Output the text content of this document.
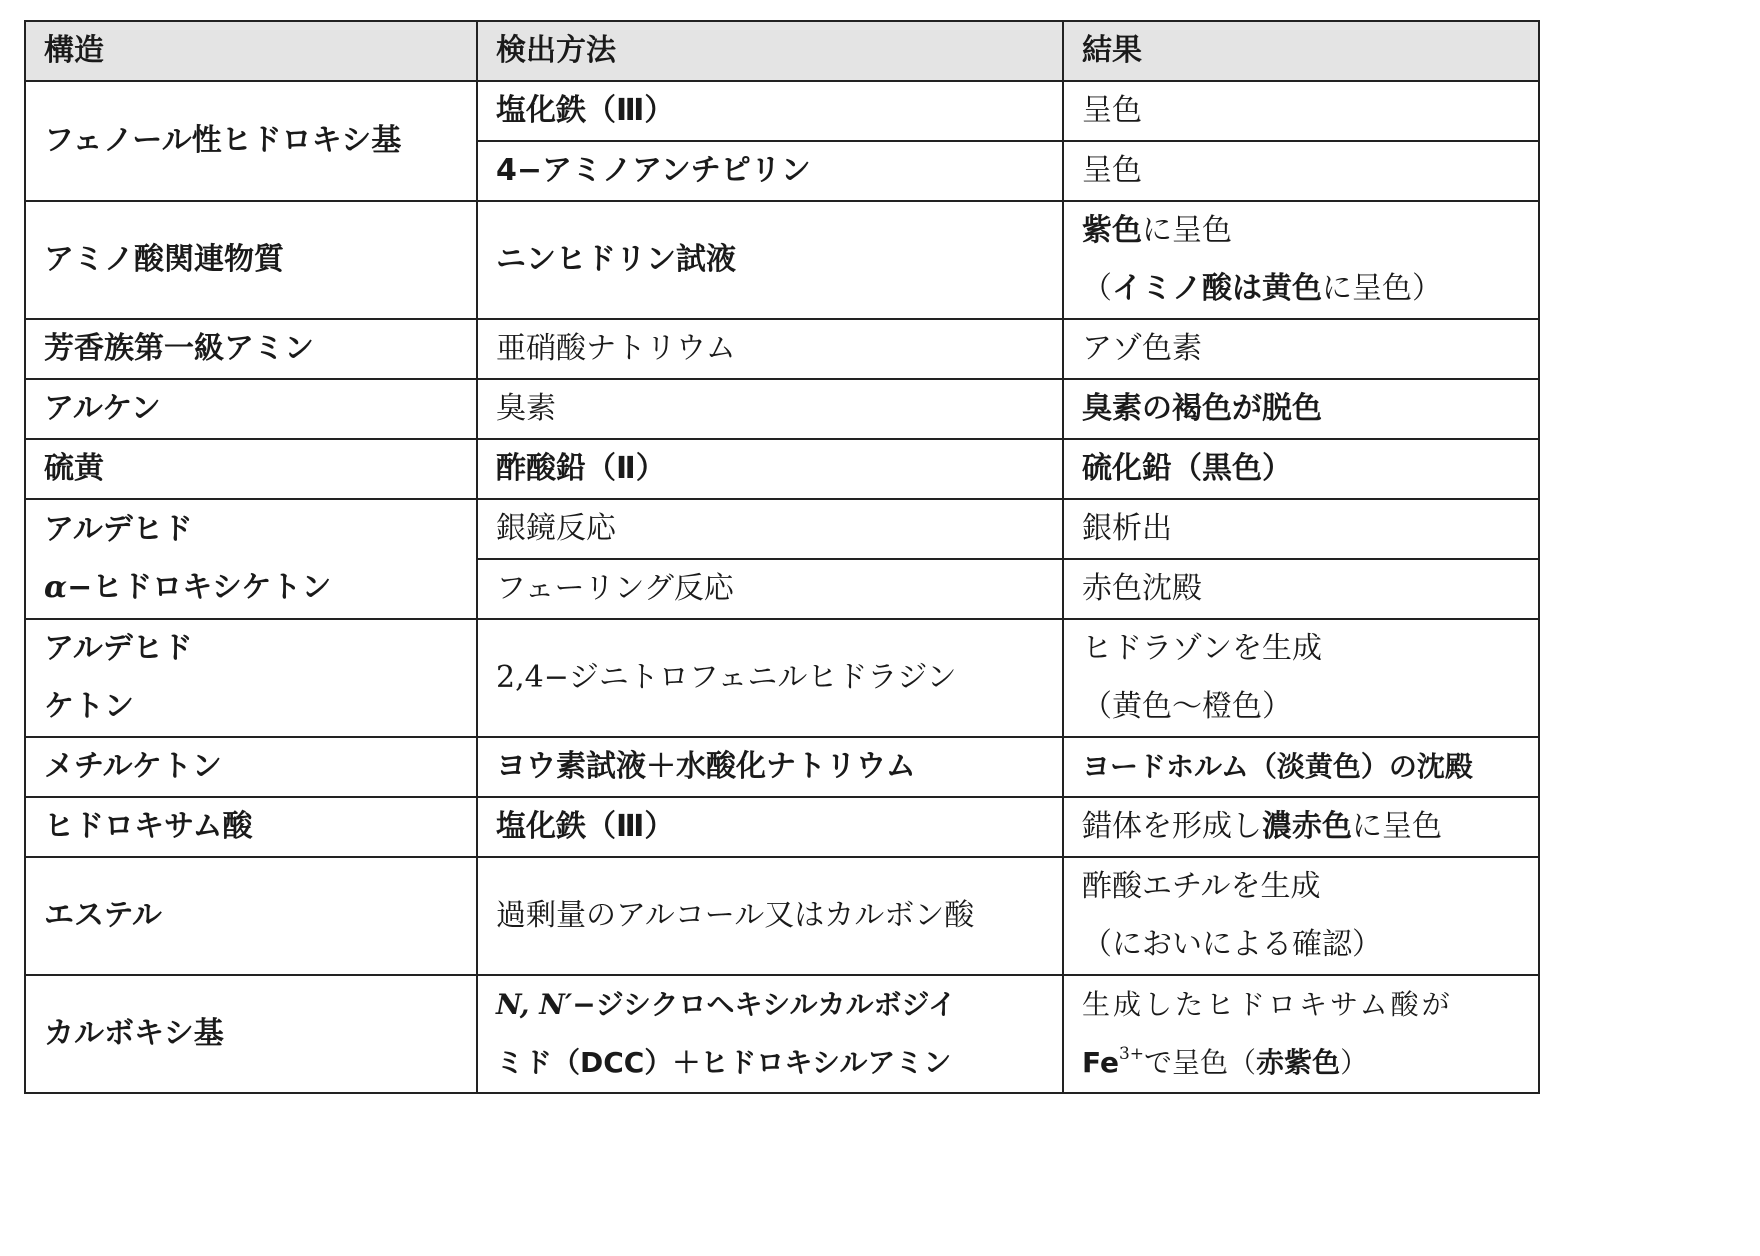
構造	検出方法	結果
フェノール性ヒドロキシ基	塩化鉄（Ⅲ）	呈色
	4−アミノアンチピリン	呈色
アミノ酸関連物質	ニンヒドリン試液	紫色に呈色
（イミノ酸は黄色に呈色）

芳香族第一級アミン	亜硝酸ナトリウム	アゾ色素
アルケン	臭素	臭素の褐色が脱色
硫黄	酢酸鉛（Ⅱ）	硫化鉛（黒色）

アルデヒド
α−ヒドロキシケトン	銀鏡反応	銀析出
	フェーリング反応	赤色沈殿

アルデヒド
ケトン	2,4−ジニトロフェニルヒドラジン	ヒドラゾンを生成
（黄色〜橙色）

メチルケトン	ヨウ素試液＋水酸化ナトリウム	ヨードホルム（淡黄色）の沈殿
ヒドロキサム酸	塩化鉄（Ⅲ）	錯体を形成し濃赤色に呈色
エステル	過剰量のアルコール又はカルボン酸	酢酸エチルを生成
（においによる確認）

カルボキシ基	N, N′−ジシクロヘキシルカルボジイ
ミド（DCC）＋ヒドロキシルアミン	生成したヒドロキサム酸が
$Fe^{3+}$で呈色（赤紫色）
